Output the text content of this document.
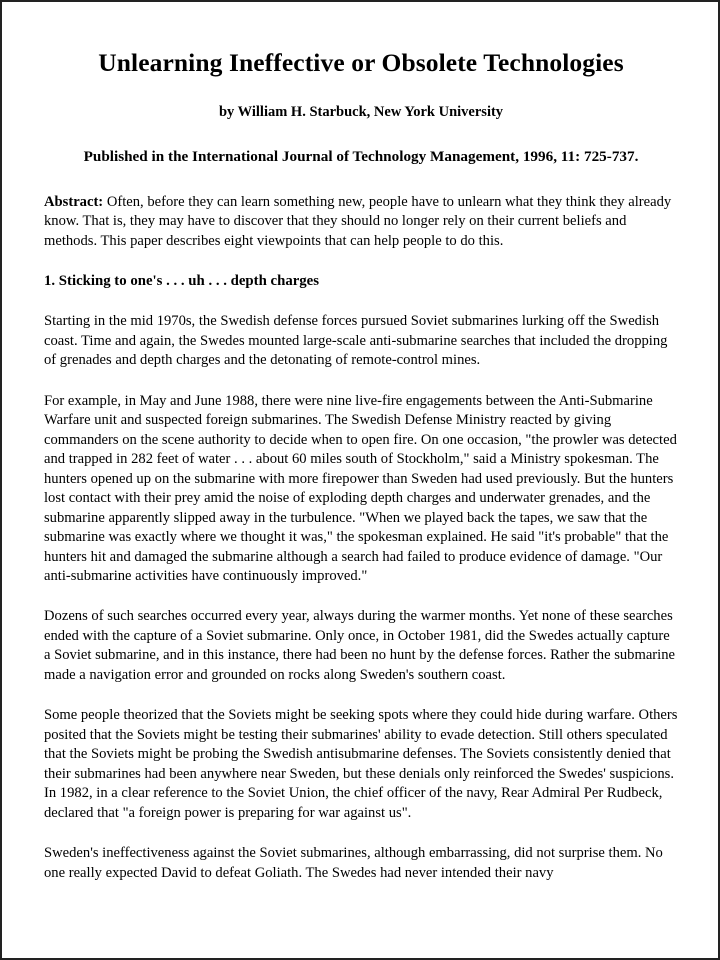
Unlearning Ineffective or Obsolete Technologies

by William H. Starbuck, New York University

Published in the International Journal of Technology Management, 1996, 11: 725-737.

Abstract: Often, before they can learn something new, people have to unlearn what they think they already know. That is, they may have to discover that they should no longer rely on their current beliefs and methods. This paper describes eight viewpoints that can help people to do this.

1. Sticking to one's . . . uh . . . depth charges

Starting in the mid 1970s, the Swedish defense forces pursued Soviet submarines lurking off the Swedish coast. Time and again, the Swedes mounted large-scale anti-submarine searches that included the dropping of grenades and depth charges and the detonating of remote-control mines.

For example, in May and June 1988, there were nine live-fire engagements between the Anti-Submarine Warfare unit and suspected foreign submarines. The Swedish Defense Ministry reacted by giving commanders on the scene authority to decide when to open fire. On one occasion, "the prowler was detected and trapped in 282 feet of water . . . about 60 miles south of Stockholm," said a Ministry spokesman. The hunters opened up on the submarine with more firepower than Sweden had used previously. But the hunters lost contact with their prey amid the noise of exploding depth charges and underwater grenades, and the submarine apparently slipped away in the turbulence. "When we played back the tapes, we saw that the submarine was exactly where we thought it was," the spokesman explained. He said "it's probable" that the hunters hit and damaged the submarine although a search had failed to produce evidence of damage. "Our anti-submarine activities have continuously improved."

Dozens of such searches occurred every year, always during the warmer months. Yet none of these searches ended with the capture of a Soviet submarine. Only once, in October 1981, did the Swedes actually capture a Soviet submarine, and in this instance, there had been no hunt by the defense forces. Rather the submarine made a navigation error and grounded on rocks along Sweden's southern coast.

Some people theorized that the Soviets might be seeking spots where they could hide during warfare. Others posited that the Soviets might be testing their submarines' ability to evade detection. Still others speculated that the Soviets might be probing the Swedish antisubmarine defenses. The Soviets consistently denied that their submarines had been anywhere near Sweden, but these denials only reinforced the Swedes' suspicions. In 1982, in a clear reference to the Soviet Union, the chief officer of the navy, Rear Admiral Per Rudbeck, declared that "a foreign power is preparing for war against us".

Sweden's ineffectiveness against the Soviet submarines, although embarrassing, did not surprise them. No one really expected David to defeat Goliath. The Swedes had never intended their navy
